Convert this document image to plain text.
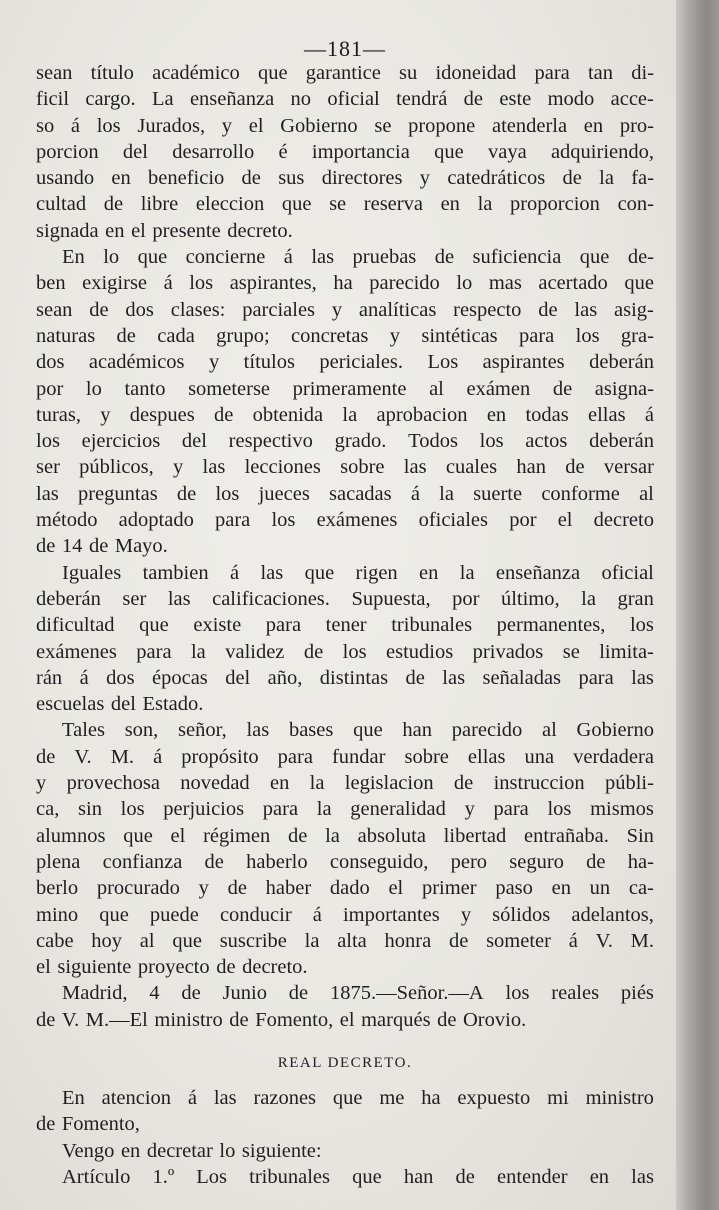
—181—
sean título académico que garantice su idoneidad para tan di-
ficil cargo. La enseñanza no oficial tendrá de este modo acce-
so á los Jurados, y el Gobierno se propone atenderla en pro-
porcion del desarrollo é importancia que vaya adquiriendo,
usando en beneficio de sus directores y catedráticos de la fa-
cultad de libre eleccion que se reserva en la proporcion con-
signada en el presente decreto.
En lo que concierne á las pruebas de suficiencia que de-
ben exigirse á los aspirantes, ha parecido lo mas acertado que
sean de dos clases: parciales y analíticas respecto de las asig-
naturas de cada grupo; concretas y sintéticas para los gra-
dos académicos y títulos periciales. Los aspirantes deberán
por lo tanto someterse primeramente al exámen de asigna-
turas, y despues de obtenida la aprobacion en todas ellas á
los ejercicios del respectivo grado. Todos los actos deberán
ser públicos, y las lecciones sobre las cuales han de versar
las preguntas de los jueces sacadas á la suerte conforme al
método adoptado para los exámenes oficiales por el decreto
de 14 de Mayo.
Iguales tambien á las que rigen en la enseñanza oficial
deberán ser las calificaciones. Supuesta, por último, la gran
dificultad que existe para tener tribunales permanentes, los
exámenes para la validez de los estudios privados se limita-
rán á dos épocas del año, distintas de las señaladas para las
escuelas del Estado.
Tales son, señor, las bases que han parecido al Gobierno
de V. M. á propósito para fundar sobre ellas una verdadera
y provechosa novedad en la legislacion de instruccion públi-
ca, sin los perjuicios para la generalidad y para los mismos
alumnos que el régimen de la absoluta libertad entrañaba. Sin
plena confianza de haberlo conseguido, pero seguro de ha-
berlo procurado y de haber dado el primer paso en un ca-
mino que puede conducir á importantes y sólidos adelantos,
cabe hoy al que suscribe la alta honra de someter á V. M.
el siguiente proyecto de decreto.
Madrid, 4 de Junio de 1875.—Señor.—A los reales piés
de V. M.—El ministro de Fomento, el marqués de Orovio.
REAL DECRETO.
En atencion á las razones que me ha expuesto mi ministro
de Fomento,
Vengo en decretar lo siguiente:
Artículo 1.º Los tribunales que han de entender en las
